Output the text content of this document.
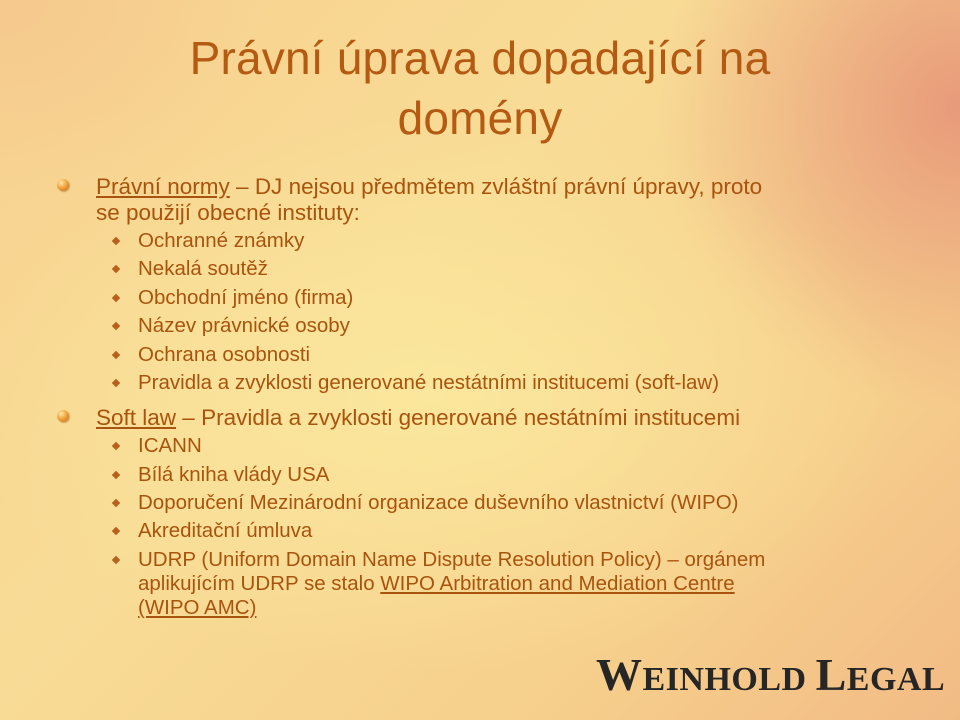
Právní úprava dopadající na
domény
Právní normy – DJ nejsou předmětem zvláštní právní úpravy, proto
se použijí obecné instituty:
Ochranné známky
Nekalá soutěž
Obchodní jméno (firma)
Název právnické osoby
Ochrana osobnosti
Pravidla a zvyklosti generované nestátními institucemi (soft-law)
Soft law – Pravidla a zvyklosti generované nestátními institucemi
ICANN
Bílá kniha vlády USA
Doporučení Mezinárodní organizace duševního vlastnictví (WIPO)
Akreditační úmluva
UDRP (Uniform Domain Name Dispute Resolution Policy) – orgánem
aplikujícím UDRP se stalo WIPO Arbitration and Mediation Centre
(WIPO AMC)
WEINHOLD LEGAL
